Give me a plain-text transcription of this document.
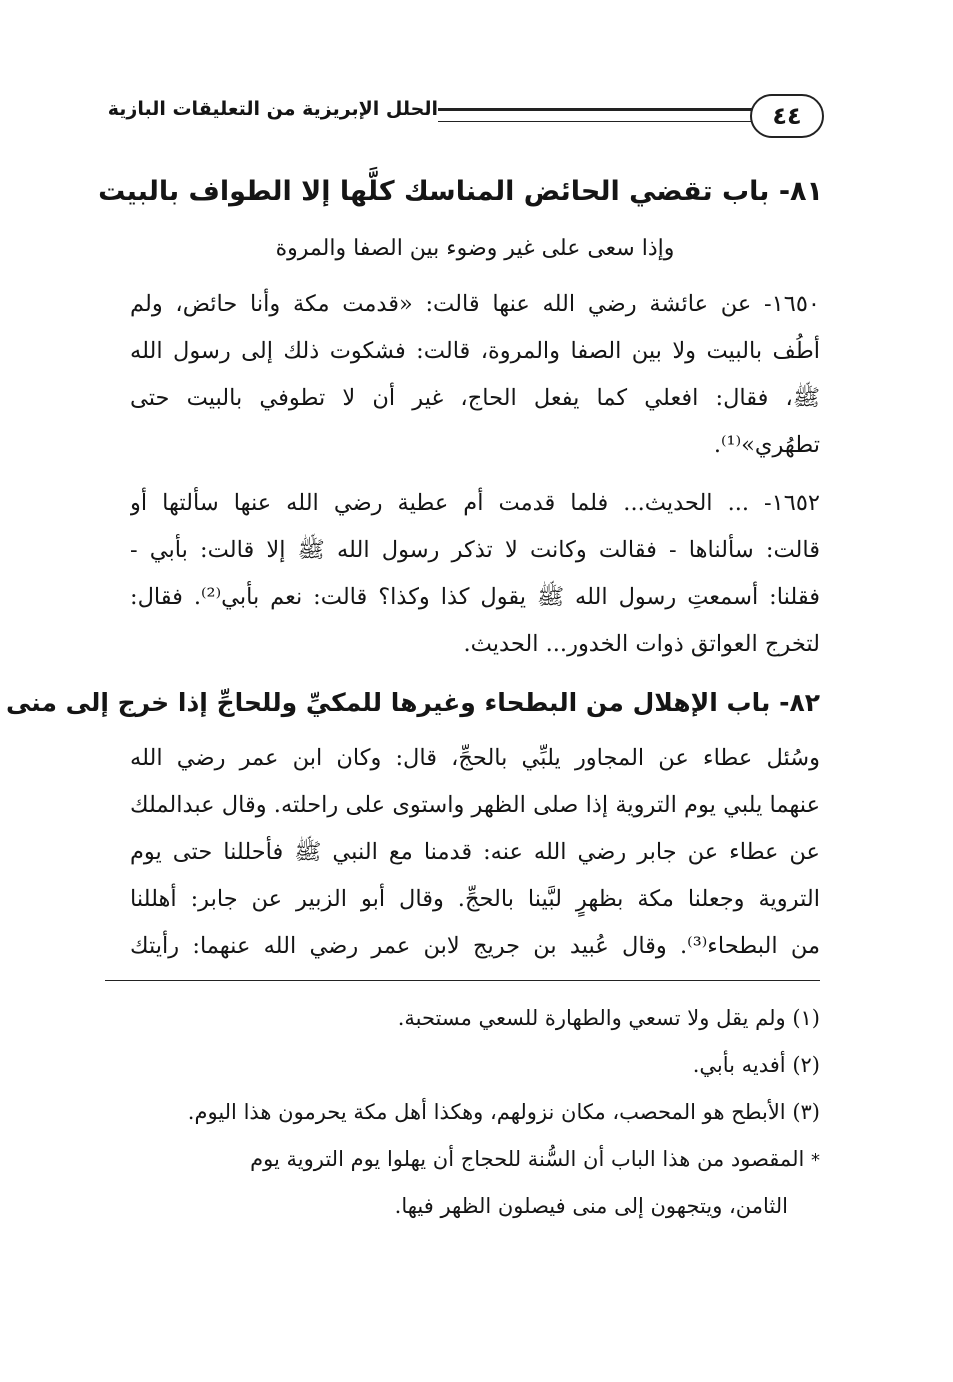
٤٤
الحلل الإبريزية من التعليقات البازية
٨١- باب تقضي الحائض المناسك كلَّها إلا الطواف بالبيت
وإذا سعى على غير وضوء بين الصفا والمروة
١٦٥٠- عن عائشة رضي الله عنها قالت: «قدمت مكة وأنا حائض، ولم
أطُف بالبيت ولا بين الصفا والمروة، قالت: فشكوت ذلك إلى رسول الله
ﷺ، فقال: افعلي كما يفعل الحاج، غير أن لا تطوفي بالبيت حتى
تطهُري»⁽¹⁾.
١٦٥٢- ... الحديث... فلما قدمت أم عطية رضي الله عنها سألتها أو
قالت: سألناها - فقالت وكانت لا تذكر رسول الله ﷺ إلا قالت: بأبي -
فقلنا: أسمعتِ رسول الله ﷺ يقول كذا وكذا؟ قالت: نعم بأبي⁽²⁾. فقال:
لتخرج العواتق ذوات الخدور... الحديث.
٨٢- باب الإهلال من البطحاء وغيرها للمكيِّ وللحاجِّ إذا خرج إلى منى
وسُئل عطاء عن المجاور يلبِّي بالحجِّ، قال: وكان ابن عمر رضي الله
عنهما يلبي يوم التروية إذا صلى الظهر واستوى على راحلته. وقال عبدالملك
عن عطاء عن جابر رضي الله عنه: قدمنا مع النبي ﷺ فأحللنا حتى يوم
التروية وجعلنا مكة بظهرٍ لبَّينا بالحجِّ. وقال أبو الزبير عن جابر: أهللنا
من البطحاء⁽³⁾. وقال عُبيد بن جريج لابن عمر رضي الله عنهما: رأيتك
(١) ولم يقل ولا تسعي والطهارة للسعي مستحبة.
(٢) أفديه بأبي.
(٣) الأبطح هو المحصب، مكان نزولهم، وهكذا أهل مكة يحرمون هذا اليوم.
* المقصود من هذا الباب أن السُّنة للحجاج أن يهلوا يوم التروية يوم
الثامن، ويتجهون إلى منى فيصلون الظهر فيها.
